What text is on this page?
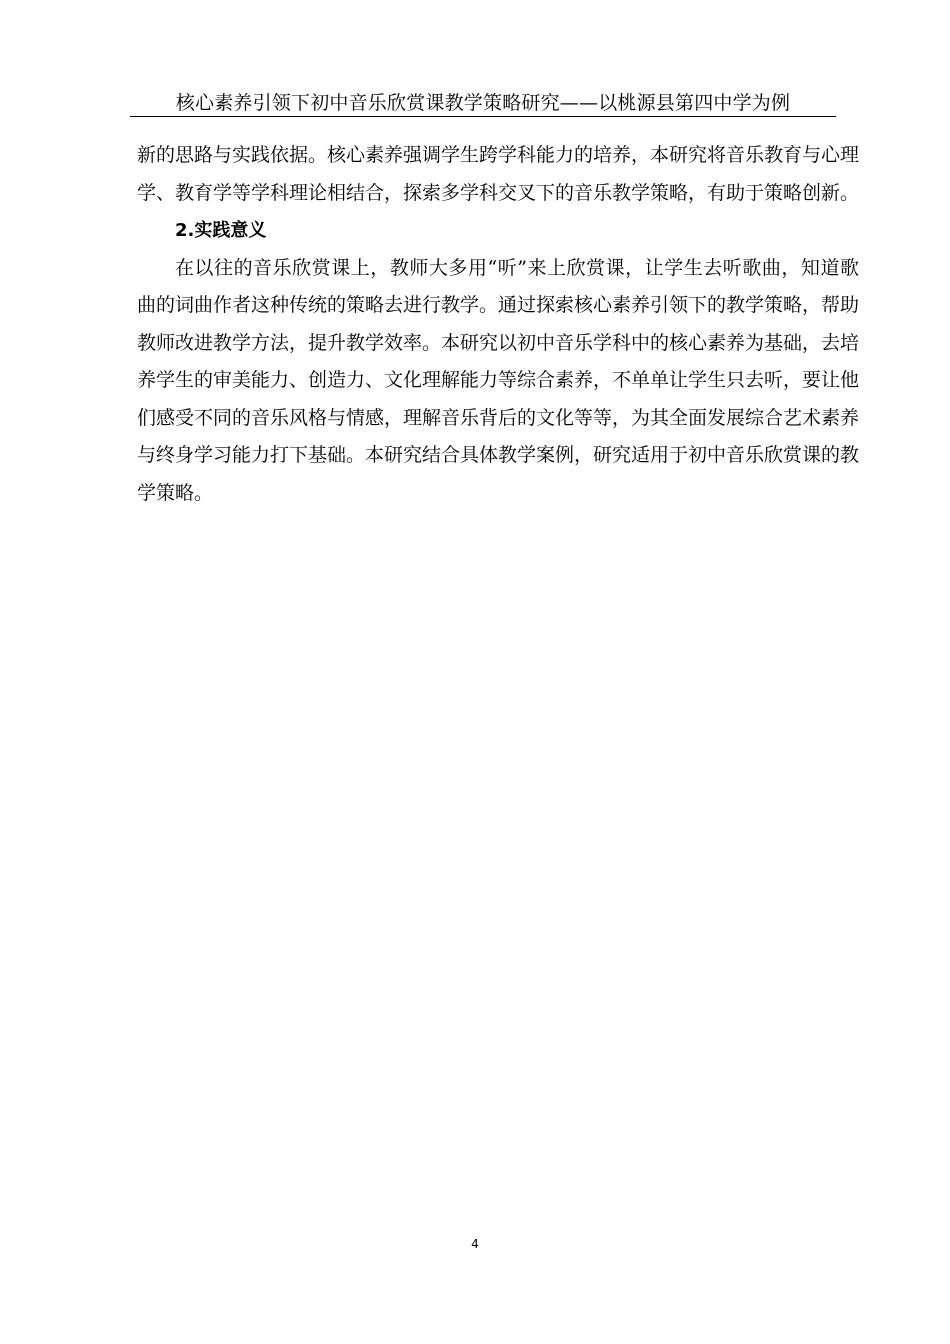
核心素养引领下初中音乐欣赏课教学策略研究——以桃源县第四中学为例

新的思路与实践依据。核心素养强调学生跨学科能力的培养，本研究将音乐教育与心理学、教育学等学科理论相结合，探索多学科交叉下的音乐教学策略，有助于策略创新。

2.实践意义

在以往的音乐欣赏课上，教师大多用“听”来上欣赏课，让学生去听歌曲，知道歌曲的词曲作者这种传统的策略去进行教学。通过探索核心素养引领下的教学策略，帮助教师改进教学方法，提升教学效率。本研究以初中音乐学科中的核心素养为基础，去培养学生的审美能力、创造力、文化理解能力等综合素养，不单单让学生只去听，要让他们感受不同的音乐风格与情感，理解音乐背后的文化等等，为其全面发展综合艺术素养与终身学习能力打下基础。本研究结合具体教学案例，研究适用于初中音乐欣赏课的教学策略。

4
